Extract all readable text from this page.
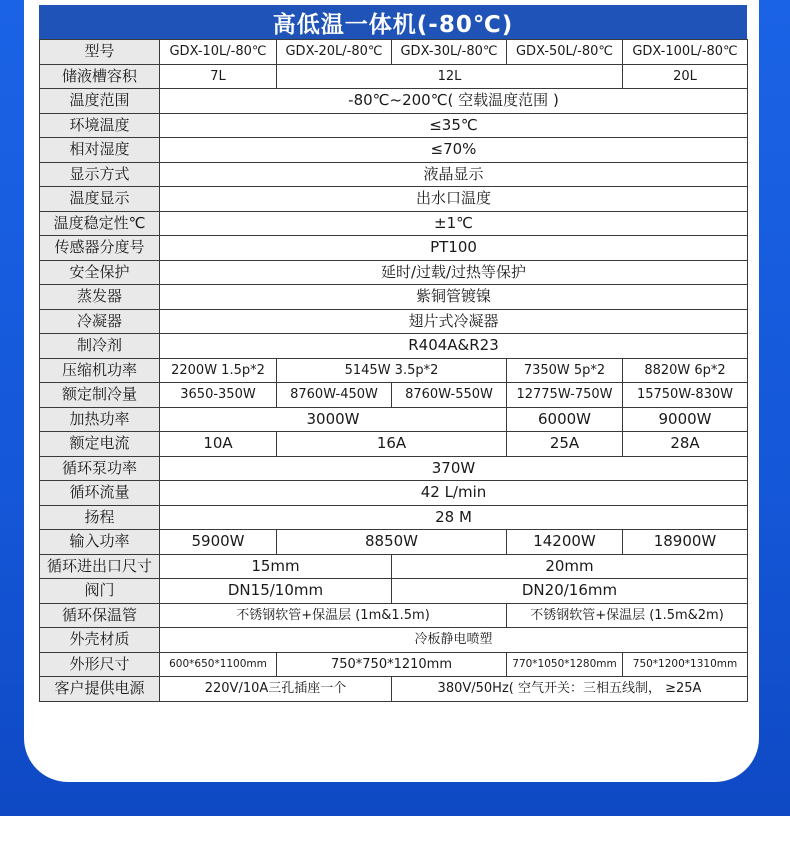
高低温一体机(-80℃)
型号	GDX-10L/-80℃	GDX-20L/-80℃	GDX-30L/-80℃	GDX-50L/-80℃	GDX-100L/-80℃
储液槽容积	7L	12L			20L
温度范围	-80℃~200℃( 空载温度范围 )				
环境温度	≤35℃				
相对湿度	≤70%				
显示方式	液晶显示				
温度显示	出水口温度				
温度稳定性℃	±1℃				
传感器分度号	PT100				
安全保护	延时/过载/过热等保护				
蒸发器	紫铜管镀镍				
冷凝器	翅片式冷凝器				
制冷剂	R404A&R23				
压缩机功率	2200W 1.5p*2	5145W 3.5p*2		7350W 5p*2	8820W 6p*2
额定制冷量	3650-350W	8760W-450W	8760W-550W	12775W-750W	15750W-830W
加热功率	3000W			6000W	9000W
额定电流	10A	16A		25A	28A
循环泵功率	370W				
循环流量	42 L/min				
扬程	28 M				
输入功率	5900W	8850W		14200W	18900W
循环进出口尺寸	15mm		20mm		
阀门	DN15/10mm		DN20/16mm		
循环保温管	不锈钢软管+保温层 (1m&1.5m)			不锈钢软管+保温层 (1.5m&2m)	
外壳材质	冷板静电喷塑				
外形尺寸	600*650*1100mm	750*750*1210mm		770*1050*1280mm	750*1200*1310mm
客户提供电源	220V/10A三孔插座一个		380V/50Hz( 空气开关：三相五线制， ≥25A		
